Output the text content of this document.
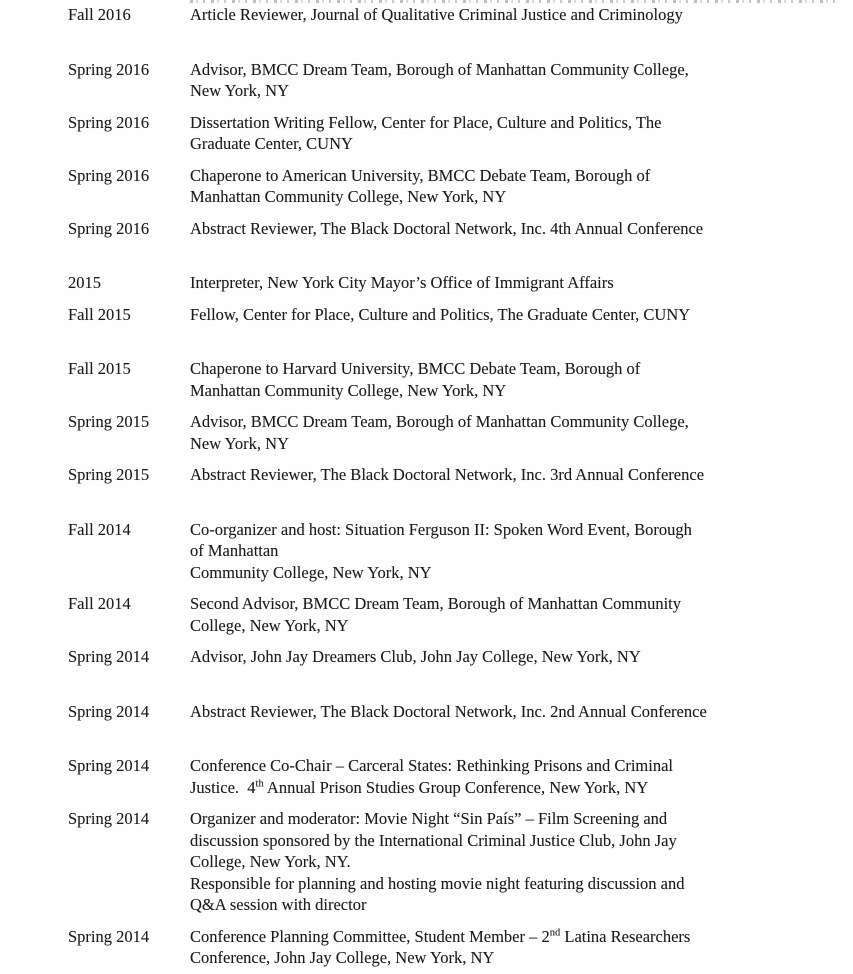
Fall 2016	Article Reviewer, Journal of Qualitative Criminal Justice and Criminology
Spring 2016	Advisor, BMCC Dream Team, Borough of Manhattan Community College,
New York, NY
Spring 2016	Dissertation Writing Fellow, Center for Place, Culture and Politics, The
Graduate Center, CUNY
Spring 2016	Chaperone to American University, BMCC Debate Team, Borough of
Manhattan Community College, New York, NY
Spring 2016	Abstract Reviewer, The Black Doctoral Network, Inc. 4th Annual Conference
2015	Interpreter, New York City Mayor’s Office of Immigrant Affairs
Fall 2015	Fellow, Center for Place, Culture and Politics, The Graduate Center, CUNY
Fall 2015	Chaperone to Harvard University, BMCC Debate Team, Borough of
Manhattan Community College, New York, NY
Spring 2015	Advisor, BMCC Dream Team, Borough of Manhattan Community College,
New York, NY
Spring 2015	Abstract Reviewer, The Black Doctoral Network, Inc. 3rd Annual Conference
Fall 2014	Co-organizer and host: Situation Ferguson II: Spoken Word Event, Borough
of Manhattan
Community College, New York, NY
Fall 2014	Second Advisor, BMCC Dream Team, Borough of Manhattan Community
College, New York, NY
Spring 2014	Advisor, John Jay Dreamers Club, John Jay College, New York, NY
Spring 2014	Abstract Reviewer, The Black Doctoral Network, Inc. 2nd Annual Conference
Spring 2014	Conference Co-Chair – Carceral States: Rethinking Prisons and Criminal
Justice.  4th Annual Prison Studies Group Conference, New York, NY
Spring 2014	Organizer and moderator: Movie Night “Sin País” – Film Screening and
discussion sponsored by the International Criminal Justice Club, John Jay
College, New York, NY.
Responsible for planning and hosting movie night featuring discussion and
Q&A session with director
Spring 2014	Conference Planning Committee, Student Member – 2nd Latina Researchers
Conference, John Jay College, New York, NY
